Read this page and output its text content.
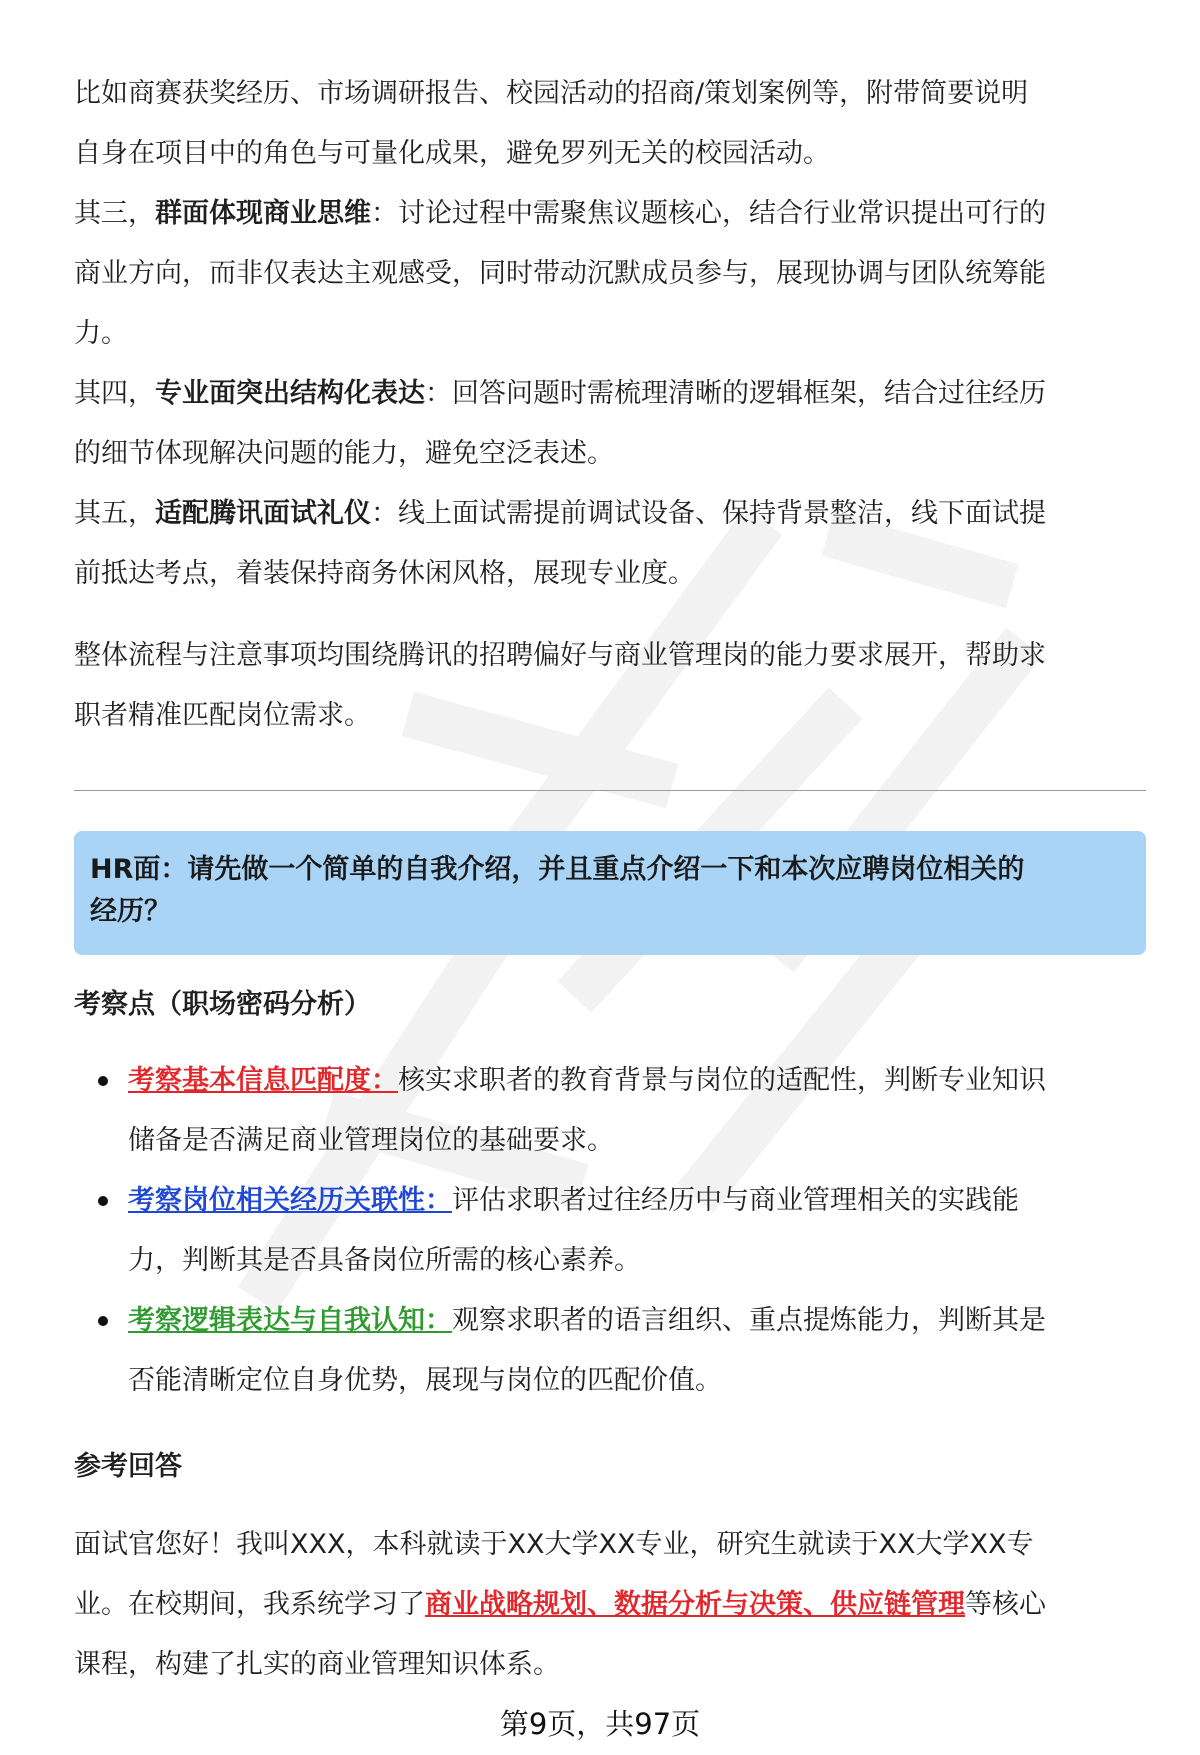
比如商赛获奖经历、市场调研报告、校园活动的招商/策划案例等，附带简要说明
自身在项目中的角色与可量化成果，避免罗列无关的校园活动。

其三，群面体现商业思维：讨论过程中需聚焦议题核心，结合行业常识提出可行的
商业方向，而非仅表达主观感受，同时带动沉默成员参与，展现协调与团队统筹能
力。

其四，专业面突出结构化表达：回答问题时需梳理清晰的逻辑框架，结合过往经历
的细节体现解决问题的能力，避免空泛表述。

其五，适配腾讯面试礼仪：线上面试需提前调试设备、保持背景整洁，线下面试提
前抵达考点，着装保持商务休闲风格，展现专业度。

整体流程与注意事项均围绕腾讯的招聘偏好与商业管理岗的能力要求展开，帮助求
职者精准匹配岗位需求。

HR面：请先做一个简单的自我介绍，并且重点介绍一下和本次应聘岗位相关的
经历？
考察点（职场密码分析）
考察基本信息匹配度：核实求职者的教育背景与岗位的适配性，判断专业知识
储备是否满足商业管理岗位的基础要求。
考察岗位相关经历关联性：评估求职者过往经历中与商业管理相关的实践能
力，判断其是否具备岗位所需的核心素养。
考察逻辑表达与自我认知：观察求职者的语言组织、重点提炼能力，判断其是
否能清晰定位自身优势，展现与岗位的匹配价值。
参考回答

面试官您好！我叫XXX，本科就读于XX大学XX专业，研究生就读于XX大学XX专
业。在校期间，我系统学习了商业战略规划、数据分析与决策、供应链管理等核心
课程，构建了扎实的商业管理知识体系。

第9页，共97页
